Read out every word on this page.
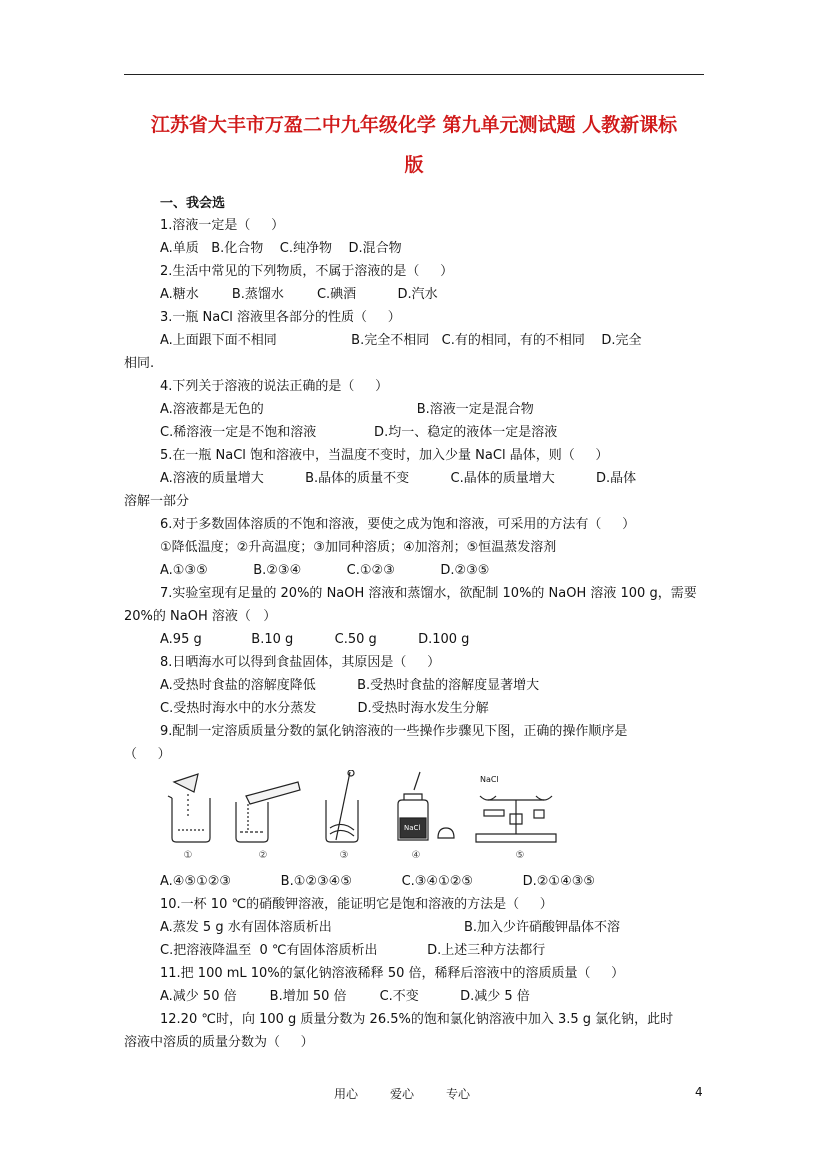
江苏省大丰市万盈二中九年级化学 第九单元测试题 人教新课标
版
一、我会选
1.溶液一定是（     ）
A.单质   B.化合物    C.纯净物    D.混合物
2.生活中常见的下列物质，不属于溶液的是（     ）
A.糖水        B.蒸馏水        C.碘酒          D.汽水
3.一瓶 NaCl 溶液里各部分的性质（     ）
A.上面跟下面不相同                  B.完全不相同   C.有的相同，有的不相同    D.完全
相同.
4.下列关于溶液的说法正确的是（     ）
A.溶液都是无色的                                     B.溶液一定是混合物
C.稀溶液一定是不饱和溶液              D.均一、稳定的液体一定是溶液
5.在一瓶 NaCl 饱和溶液中，当温度不变时，加入少量 NaCl 晶体，则（     ）
A.溶液的质量增大          B.晶体的质量不变          C.晶体的质量增大          D.晶体
溶解一部分
6.对于多数固体溶质的不饱和溶液，要使之成为饱和溶液，可采用的方法有（     ）
①降低温度；②升高温度；③加同种溶质；④加溶剂；⑤恒温蒸发溶剂
A.①③⑤           B.②③④           C.①②③           D.②③⑤
7.实验室现有足量的 20%的 NaOH 溶液和蒸馏水，欲配制 10%的 NaOH 溶液 100 g，需要
20%的 NaOH 溶液（   ）
A.95 g            B.10 g          C.50 g          D.100 g
8.日晒海水可以得到食盐固体，其原因是（     ）
A.受热时食盐的溶解度降低          B.受热时食盐的溶解度显著增大
C.受热时海水中的水分蒸发          D.受热时海水发生分解
9.配制一定溶质质量分数的氯化钠溶液的一些操作步骤见下图，正确的操作顺序是
（     ）
NaCl
NaCl
①	②	③	④	⑤
A.④⑤①②③            B.①②③④⑤            C.③④①②⑤            D.②①④③⑤
10.一杯 10 ℃的硝酸钾溶液，能证明它是饱和溶液的方法是（     ）
A.蒸发 5 g 水有固体溶质析出                                B.加入少许硝酸钾晶体不溶
C.把溶液降温至  0 ℃有固体溶质析出            D.上述三种方法都行
11.把 100 mL 10%的氯化钠溶液稀释 50 倍，稀释后溶液中的溶质质量（     ）
A.减少 50 倍        B.增加 50 倍        C.不变          D.减少 5 倍
12.20 ℃时，向 100 g 质量分数为 26.5%的饱和氯化钠溶液中加入 3.5 g 氯化钠，此时
溶液中溶质的质量分数为（     ）
用心	爱心	专心	4
